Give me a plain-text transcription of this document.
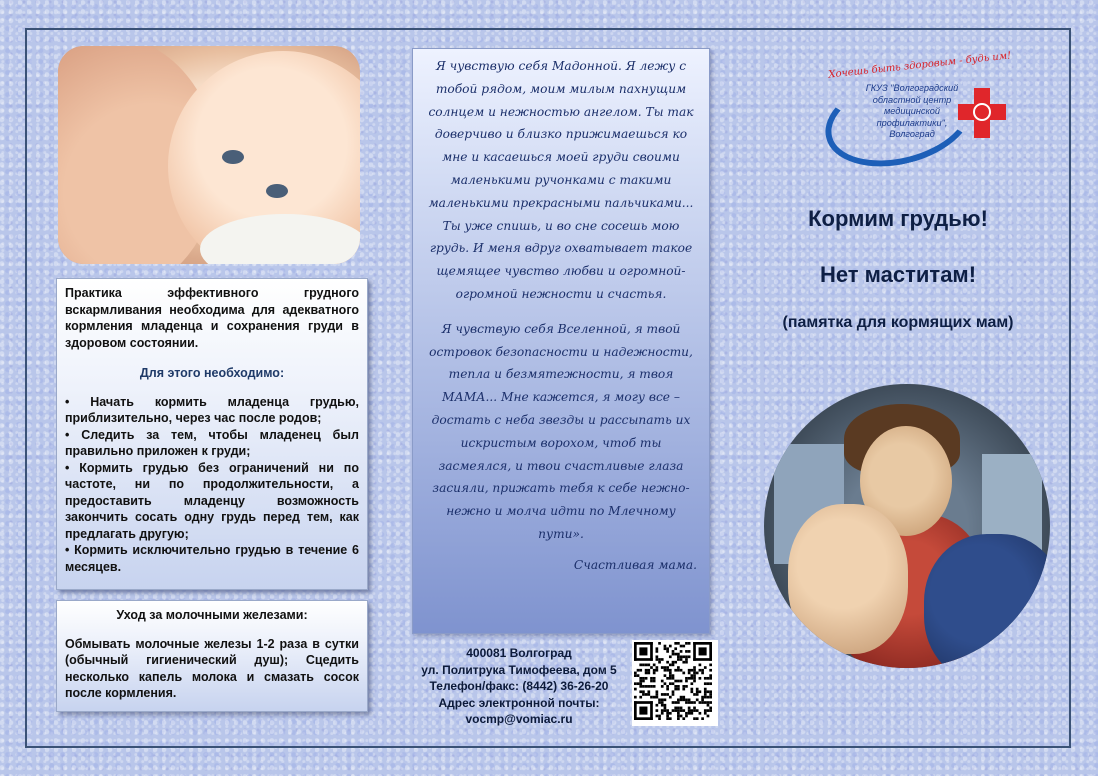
Практика эффективного грудного вскармливания необходима для адекватного кормления младенца и сохранения груди в здоровом состоянии.

Для этого необходимо:
• Начать кормить младенца грудью, приблизительно, через час после родов;
• Следить за тем, чтобы младенец был правильно приложен к груди;
• Кормить грудью без ограничений ни по частоте, ни по продолжительности, а предоставить младенцу возможность закончить сосать одну грудь перед тем, как предлагать другую;
• Кормить исключительно грудью в течение 6 месяцев.
Уход за молочными железами:

Обмывать молочные железы 1-2 раза в сутки (обычный гигиенический душ); Сцедить несколько капель молока и смазать сосок после кормления.

Я чувствую себя Мадонной. Я лежу с тобой рядом, моим милым пахнущим солнцем и нежностью ангелом. Ты так доверчиво и близко прижимаешься ко мне и касаешься моей груди своими маленькими ручонками с такими маленькими прекрасными пальчиками... Ты уже спишь, и во сне сосешь мою грудь. И меня вдруг охватывает такое щемящее чувство любви и огромной-огромной нежности и счастья.

Я чувствую себя Вселенной, я твой островок безопасности и надежности, тепла и безмятежности, я твоя МАМА... Мне кажется, я могу все – достать с неба звезды и рассыпать их искристым ворохом, чтоб ты засмеялся, и твои счастливые глаза засияли, прижать тебя к себе нежно-нежно и молча идти по Млечному пути».

Счастливая мама.

400081 Волгоград
ул. Политрука Тимофеева, дом 5
Телефон/факс: (8442) 36-26-20
Адрес электронной почты:
vocmp@vomiac.ru
Хочешь быть здоровым - будь им!
ГКУЗ "Волгоградский областной центр медицинской профилактики", Волгоград
Кормим грудью!
Нет маститам!
(памятка для кормящих мам)
